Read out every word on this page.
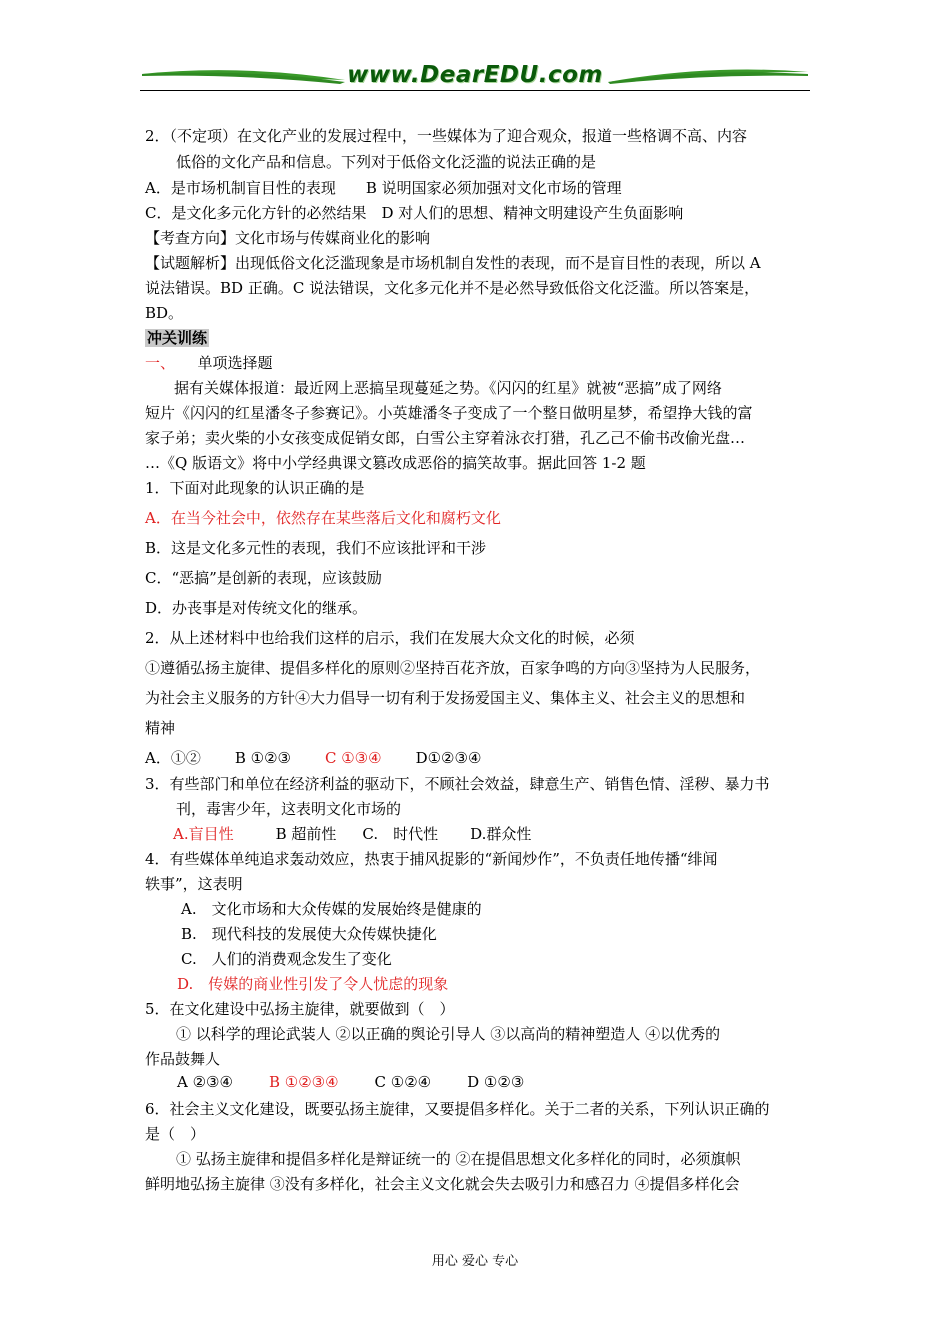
www.DearEDU.com
2．（不定项）在文化产业的发展过程中，一些媒体为了迎合观众，报道一些格调不高、内容
低俗的文化产品和信息。下列对于低俗文化泛滥的说法正确的是
A．是市场机制盲目性的表现　　B 说明国家必须加强对文化市场的管理
C．是文化多元化方针的必然结果　D 对人们的思想、精神文明建设产生负面影响
【考查方向】文化市场与传媒商业化的影响
【试题解析】出现低俗文化泛滥现象是市场机制自发性的表现，而不是盲目性的表现，所以 A
说法错误。BD 正确。C 说法错误，文化多元化并不是必然导致低俗文化泛滥。所以答案是，
BD。
冲关训练
一、　　单项选择题
据有关媒体报道：最近网上恶搞呈现蔓延之势。《闪闪的红星》就被“恶搞”成了网络
短片《闪闪的红星潘冬子参赛记》。小英雄潘冬子变成了一个整日做明星梦，希望挣大钱的富
家子弟；卖火柴的小女孩变成促销女郎，白雪公主穿着泳衣打猎，孔乙己不偷书改偷光盘…
…《Q 版语文》将中小学经典课文篡改成恶俗的搞笑故事。据此回答 1-2 题
1．下面对此现象的认识正确的是
A．在当今社会中，依然存在某些落后文化和腐朽文化
B．这是文化多元性的表现，我们不应该批评和干涉
C．“恶搞”是创新的表现，应该鼓励
D．办丧事是对传统文化的继承。
2．从上述材料中也给我们这样的启示，我们在发展大众文化的时候，必须
①遵循弘扬主旋律、提倡多样化的原则②坚持百花齐放，百家争鸣的方向③坚持为人民服务，
为社会主义服务的方针④大力倡导一切有利于发扬爱国主义、集体主义、社会主义的思想和
精神
3．有些部门和单位在经济利益的驱动下，不顾社会效益，肆意生产、销售色情、淫秽、暴力书
刊，毒害少年，这表明文化市场的
4．有些媒体单纯追求轰动效应，热衷于捕风捉影的“新闻炒作”，不负责任地传播“绯闻
轶事”，这表明
A.　文化市场和大众传媒的发展始终是健康的
B.　现代科技的发展使大众传媒快捷化
C.　人们的消费观念发生了变化
D.　传媒的商业性引发了令人忧虑的现象
5．在文化建设中弘扬主旋律，就要做到（　）
① 以科学的理论武装人 ②以正确的舆论引导人 ③以高尚的精神塑造人 ④以优秀的
作品鼓舞人
6．社会主义文化建设，既要弘扬主旋律，又要提倡多样化。关于二者的关系，下列认识正确的
是（　）
① 弘扬主旋律和提倡多样化是辩证统一的 ②在提倡思想文化多样化的同时，必须旗帜
鲜明地弘扬主旋律 ③没有多样化，社会主义文化就会失去吸引力和感召力 ④提倡多样化会
A．①② B ①②③ C ①③④ D①②③④
A.盲目性	B 超前性 C.　时代性 D.群众性
A ②③④ B ①②③④ C ①②④ D ①②③
用心 爱心 专心
